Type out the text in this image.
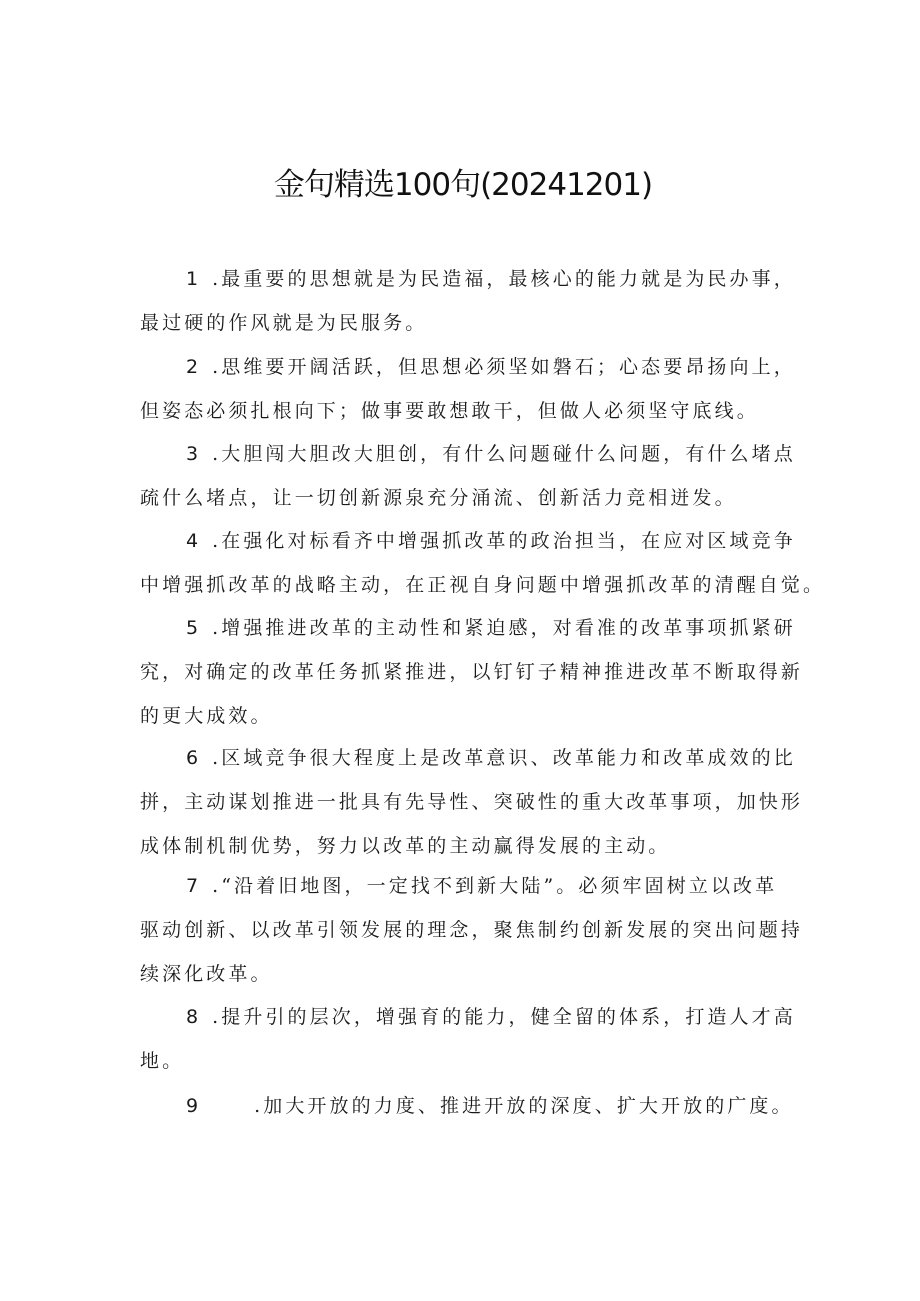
金句精选100句(20241201)
1 .最重要的思想就是为民造福，最核心的能力就是为民办事，
最过硬的作风就是为民服务。
2 .思维要开阔活跃，但思想必须坚如磐石；心态要昂扬向上，
但姿态必须扎根向下；做事要敢想敢干，但做人必须坚守底线。
3 .大胆闯大胆改大胆创，有什么问题碰什么问题，有什么堵点
疏什么堵点，让一切创新源泉充分涌流、创新活力竞相迸发。
4 .在强化对标看齐中增强抓改革的政治担当，在应对区域竞争
中增强抓改革的战略主动，在正视自身问题中增强抓改革的清醒自觉。
5 .增强推进改革的主动性和紧迫感，对看准的改革事项抓紧研
究，对确定的改革任务抓紧推进，以钉钉子精神推进改革不断取得新
的更大成效。
6 .区域竞争很大程度上是改革意识、改革能力和改革成效的比
拼，主动谋划推进一批具有先导性、突破性的重大改革事项，加快形
成体制机制优势，努力以改革的主动赢得发展的主动。
7 .“沿着旧地图，一定找不到新大陆”。必须牢固树立以改革
驱动创新、以改革引领发展的理念，聚焦制约创新发展的突出问题持
续深化改革。
8 .提升引的层次，增强育的能力，健全留的体系，打造人才高
地。
9	.加大开放的力度、推进开放的深度、扩大开放的广度。
